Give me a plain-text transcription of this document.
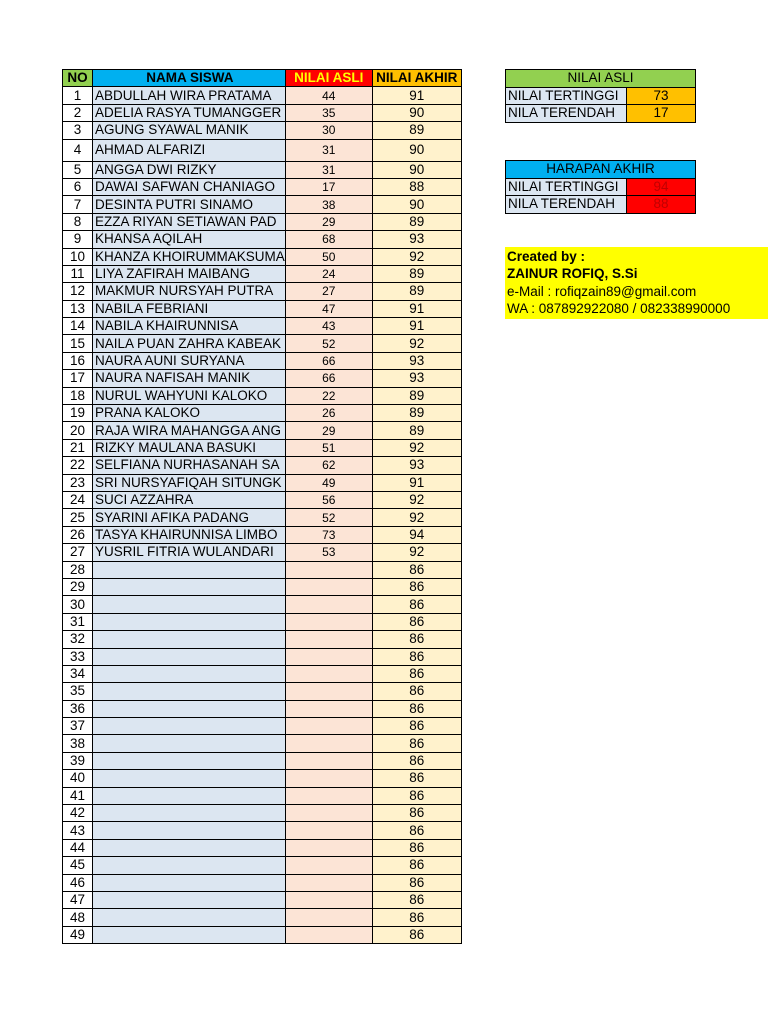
NO	NAMA SISWA	NILAI ASLI	NILAI AKHIR
1	ABDULLAH WIRA PRATAMA	44	91
2	ADELIA RASYA TUMANGGER	35	90
3	AGUNG SYAWAL MANIK	30	89
4	AHMAD ALFARIZI	31	90
5	ANGGA DWI RIZKY	31	90
6	DAWAI SAFWAN CHANIAGO	17	88
7	DESINTA PUTRI SINAMO	38	90
8	EZZA RIYAN SETIAWAN PAD	29	89
9	KHANSA AQILAH	68	93
10	KHANZA KHOIRUMMAKSUMA	50	92
11	LIYA ZAFIRAH MAIBANG	24	89
12	MAKMUR NURSYAH PUTRA	27	89
13	NABILA FEBRIANI	47	91
14	NABILA KHAIRUNNISA	43	91
15	NAILA PUAN ZAHRA KABEAK	52	92
16	NAURA AUNI SURYANA	66	93
17	NAURA NAFISAH MANIK	66	93
18	NURUL WAHYUNI KALOKO	22	89
19	PRANA KALOKO	26	89
20	RAJA WIRA MAHANGGA ANG	29	89
21	RIZKY MAULANA BASUKI	51	92
22	SELFIANA NURHASANAH SA	62	93
23	SRI NURSYAFIQAH SITUNGK	49	91
24	SUCI AZZAHRA	56	92
25	SYARINI AFIKA PADANG	52	92
26	TASYA KHAIRUNNISA LIMBO	73	94
27	YUSRIL FITRIA WULANDARI	53	92
28			86
29			86
30			86
31			86
32			86
33			86
34			86
35			86
36			86
37			86
38			86
39			86
40			86
41			86
42			86
43			86
44			86
45			86
46			86
47			86
48			86
49			86
NILAI ASLI	
NILAI TERTINGGI	73
NILA TERENDAH	17
HARAPAN AKHIR	
NILAI TERTINGGI	94
NILA TERENDAH	88
Created by :
ZAINUR ROFIQ, S.Si
e-Mail : rofiqzain89@gmail.com
WA : 087892922080 / 082338990000
